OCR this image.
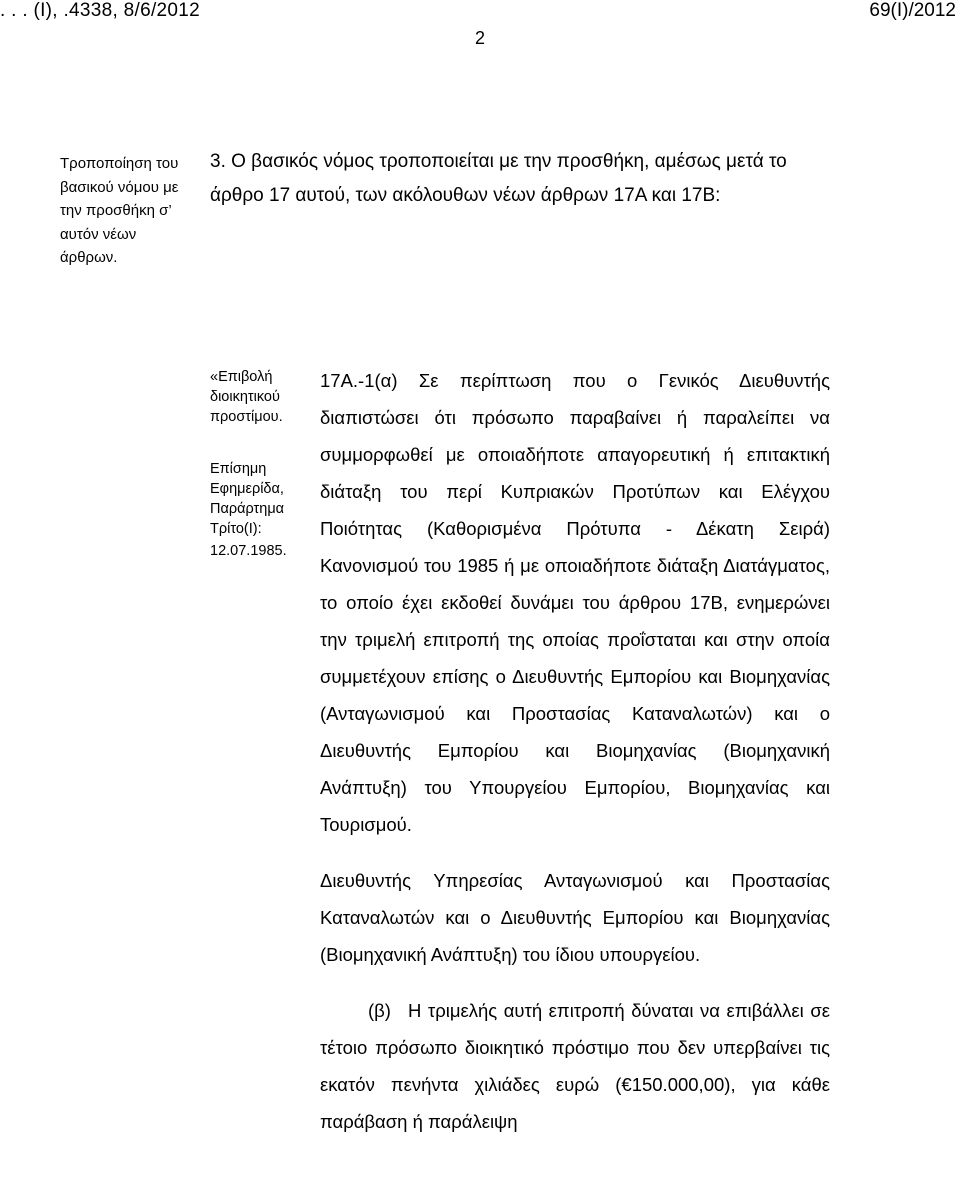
. . . (Ι), .4338, 8/6/2012	69(I)/2012
2
Τροποποίηση του βασικού νόμου με την προσθήκη σ’ αυτόν νέων άρθρων.
3. Ο βασικός νόμος τροποποιείται με την προσθήκη, αμέσως μετά το άρθρο 17 αυτού, των ακόλουθων νέων άρθρων 17Α και 17Β:

«Επιβολή διοικητικού προστίμου.

Επίσημη Εφημερίδα, Παράρτημα Τρίτο(Ι):

12.07.1985.

17Α.-1(α) Σε περίπτωση που ο Γενικός Διευθυντής διαπιστώσει ότι πρόσωπο παραβαίνει ή παραλείπει να συμμορφωθεί με οποιαδήποτε απαγορευτική ή επιτακτική διάταξη του περί Κυπριακών Προτύπων και Ελέγχου Ποιότητας (Καθορισμένα Πρότυπα - Δέκατη Σειρά) Κανονισμού του 1985 ή με οποιαδήποτε διάταξη Διατάγματος, το οποίο έχει εκδοθεί δυνάμει του άρθρου 17Β, ενημερώνει την τριμελή επιτροπή της οποίας προΐσταται και στην οποία συμμετέχουν επίσης ο Διευθυντής Εμπορίου και Βιομηχανίας (Ανταγωνισμού και Προστασίας Καταναλωτών) και ο Διευθυντής Εμπορίου και Βιομηχανίας (Βιομηχανική Ανάπτυξη) του Υπουργείου Εμπορίου, Βιομηχανίας και Τουρισμού.

Διευθυντής Υπηρεσίας Ανταγωνισμού και Προστασίας Καταναλωτών και ο Διευθυντής Εμπορίου και Βιομηχανίας (Βιομηχανική Ανάπτυξη) του ίδιου υπουργείου.

(β) Η τριμελής αυτή επιτροπή δύναται να επιβάλλει σε τέτοιο πρόσωπο διοικητικό πρόστιμο που δεν υπερβαίνει τις εκατόν πενήντα χιλιάδες ευρώ (€150.000,00), για κάθε παράβαση ή παράλειψη
